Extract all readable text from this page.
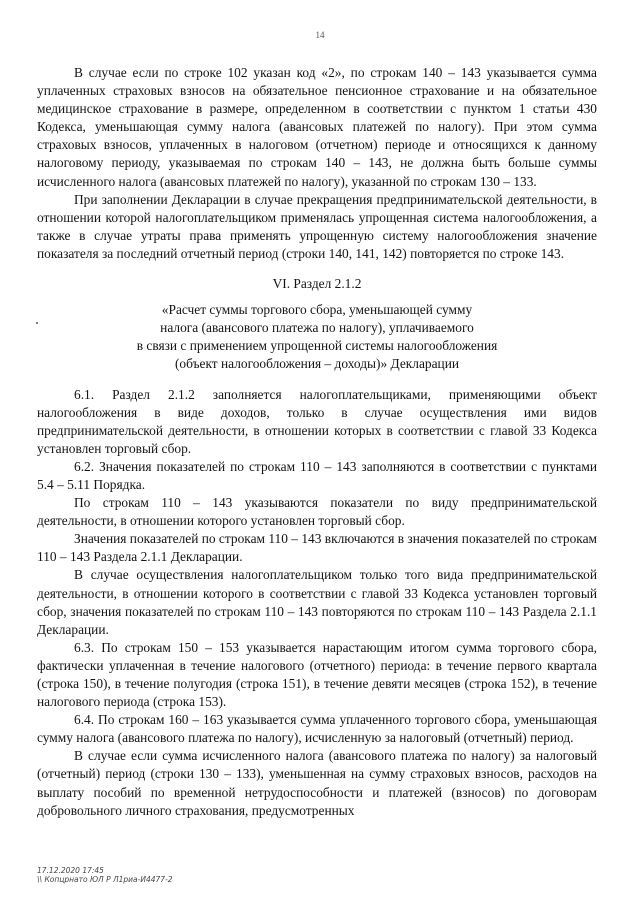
14

В случае если по строке 102 указан код «2», по строкам 140 – 143 указывается сумма уплаченных страховых взносов на обязательное пенсионное страхование и на обязательное медицинское страхование в размере, определенном в соответствии с пунктом 1 статьи 430 Кодекса, уменьшающая сумму налога (авансовых платежей по налогу). При этом сумма страховых взносов, уплаченных в налоговом (отчетном) периоде и относящихся к данному налоговому периоду, указываемая по строкам 140 – 143, не должна быть больше суммы исчисленного налога (авансовых платежей по налогу), указанной по строкам 130 – 133.

При заполнении Декларации в случае прекращения предпринимательской деятельности, в отношении которой налогоплательщиком применялась упрощенная система налогообложения, а также в случае утраты права применять упрощенную систему налогообложения значение показателя за последний отчетный период (строки 140, 141, 142) повторяется по строке 143.

VI. Раздел 2.1.2

«Расчет суммы торгового сбора, уменьшающей сумму

налога (авансового платежа по налогу), уплачиваемого

в связи с применением упрощенной системы налогообложения

(объект налогообложения – доходы)» Декларации

6.1. Раздел 2.1.2 заполняется налогоплательщиками, применяющими объект налогообложения в виде доходов, только в случае осуществления ими видов предпринимательской деятельности, в отношении которых в соответствии с главой 33 Кодекса установлен торговый сбор.

6.2. Значения показателей по строкам 110 – 143 заполняются в соответствии с пунктами 5.4 – 5.11 Порядка.

По строкам 110 – 143 указываются показатели по виду предпринимательской деятельности, в отношении которого установлен торговый сбор.

Значения показателей по строкам 110 – 143 включаются в значения показателей по строкам 110 – 143 Раздела 2.1.1 Декларации.

В случае осуществления налогоплательщиком только того вида предпринимательской деятельности, в отношении которого в соответствии с главой 33 Кодекса установлен торговый сбор, значения показателей по строкам 110 – 143 повторяются по строкам 110 – 143 Раздела 2.1.1 Декларации.

6.3. По строкам 150 – 153 указывается нарастающим итогом сумма торгового сбора, фактически уплаченная в течение налогового (отчетного) периода: в течение первого квартала (строка 150), в течение полугодия (строка 151), в течение девяти месяцев (строка 152), в течение налогового периода (строка 153).

6.4. По строкам 160 – 163 указывается сумма уплаченного торгового сбора, уменьшающая сумму налога (авансового платежа по налогу), исчисленную за налоговый (отчетный) период.

В случае если сумма исчисленного налога (авансового платежа по налогу) за налоговый (отчетный) период (строки 130 – 133), уменьшенная на сумму страховых взносов, расходов на выплату пособий по временной нетрудоспособности и платежей (взносов) по договорам добровольного личного страхования, предусмотренных

17.12.2020 17:45
\\ Копцрнато ЮЛ Р Л1риа-И4477-2
